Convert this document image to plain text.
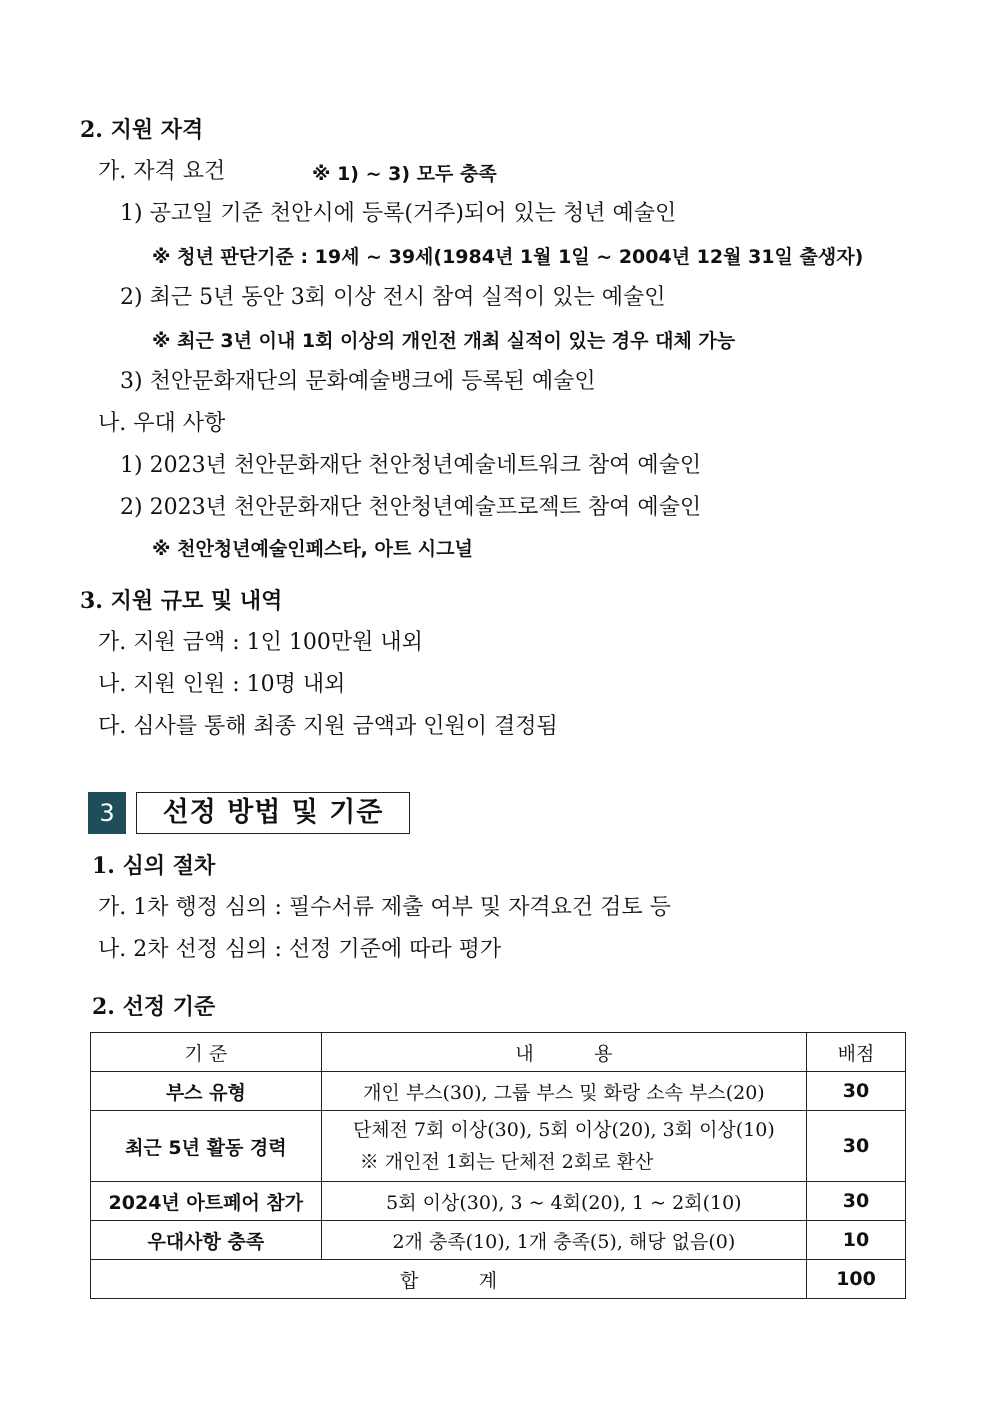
2. 지원 자격
가. 자격 요건	※ 1) ~ 3) 모두 충족
1) 공고일 기준 천안시에 등록(거주)되어 있는 청년 예술인
※ 청년 판단기준 : 19세 ~ 39세(1984년 1월 1일 ~ 2004년 12월 31일 출생자)
2) 최근 5년 동안 3회 이상 전시 참여 실적이 있는 예술인
※ 최근 3년 이내 1회 이상의 개인전 개최 실적이 있는 경우 대체 가능
3) 천안문화재단의 문화예술뱅크에 등록된 예술인
나. 우대 사항
1) 2023년 천안문화재단 천안청년예술네트워크 참여 예술인
2) 2023년 천안문화재단 천안청년예술프로젝트 참여 예술인
※ 천안청년예술인페스타, 아트 시그널
3. 지원 규모 및 내역
가. 지원 금액 : 1인 100만원 내외
나. 지원 인원 : 10명 내외
다. 심사를 통해 최종 지원 금액과 인원이 결정됨
3	선정 방법 및 기준
1. 심의 절차
가. 1차 행정 심의 : 필수서류 제출 여부 및 자격요건 검토 등
나. 2차 선정 심의 : 선정 기준에 따라 평가
2. 선정 기준
기 준	내          용	배점
부스 유형	개인 부스(30), 그룹 부스 및 화랑 소속 부스(20)	30
최근 5년 활동 경력	단체전 7회 이상(30), 5회 이상(20), 3회 이상(10)
※ 개인전 1회는 단체전 2회로 환산	30
2024년 아트페어 참가	5회 이상(30), 3 ~ 4회(20), 1 ~ 2회(10)	30
우대사항 충족	2개 충족(10), 1개 충족(5), 해당 없음(0)	10
합          계		100
